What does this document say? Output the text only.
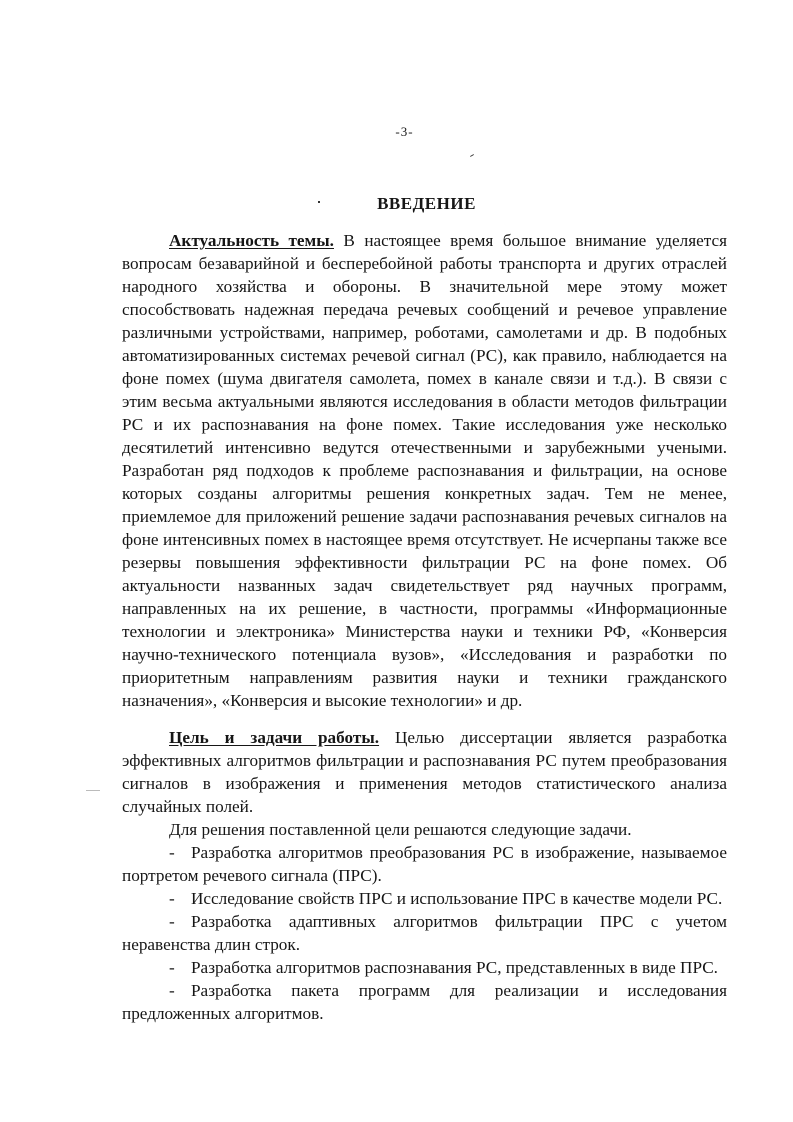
-3-
ВВЕДЕНИЕ

Актуальность темы. В настоящее время большое внимание уделяется вопросам безаварийной и бесперебойной работы транспорта и других отраслей народного хозяйства и обороны. В значительной мере этому может способствовать надежная передача речевых сообщений и речевое управление различными устройствами, например, роботами, самолетами и др. В подобных автоматизированных системах речевой сигнал (РС), как правило, наблюдается на фоне помех (шума двигателя самолета, помех в канале связи и т.д.). В связи с этим весьма актуальными являются исследования в области методов фильтрации РС и их распознавания на фоне помех. Такие исследования уже несколько десятилетий интенсивно ведутся отечественными и зарубежными учеными. Разработан ряд подходов к проблеме распознавания и фильтрации, на основе которых созданы алгоритмы решения конкретных задач. Тем не менее, приемлемое для приложений решение задачи распознавания речевых сигналов на фоне интенсивных помех в настоящее время отсутствует. Не исчерпаны также все резервы повышения эффективности фильтрации РС на фоне помех. Об актуальности названных задач свидетельствует ряд научных программ, направленных на их решение, в частности, программы «Информационные технологии и электроника» Министерства науки и техники РФ, «Конверсия научно-технического потенциала вузов», «Исследования и разработки по приоритетным направлениям развития науки и техники гражданского назначения», «Конверсия и высокие технологии» и др.

Цель и задачи работы. Целью диссертации является разработка эффективных алгоритмов фильтрации и распознавания РС путем преобразования сигналов в изображения и применения методов статистического анализа случайных полей.

Для решения поставленной цели решаются следующие задачи.

- Разработка алгоритмов преобразования РС в изображение, называемое портретом речевого сигнала (ПРС).

- Исследование свойств ПРС и использование ПРС в качестве модели РС.

- Разработка адаптивных алгоритмов фильтрации ПРС с учетом неравенства длин строк.

- Разработка алгоритмов распознавания РС, представленных в виде ПРС.

- Разработка пакета программ для реализации и исследования предложенных алгоритмов.
